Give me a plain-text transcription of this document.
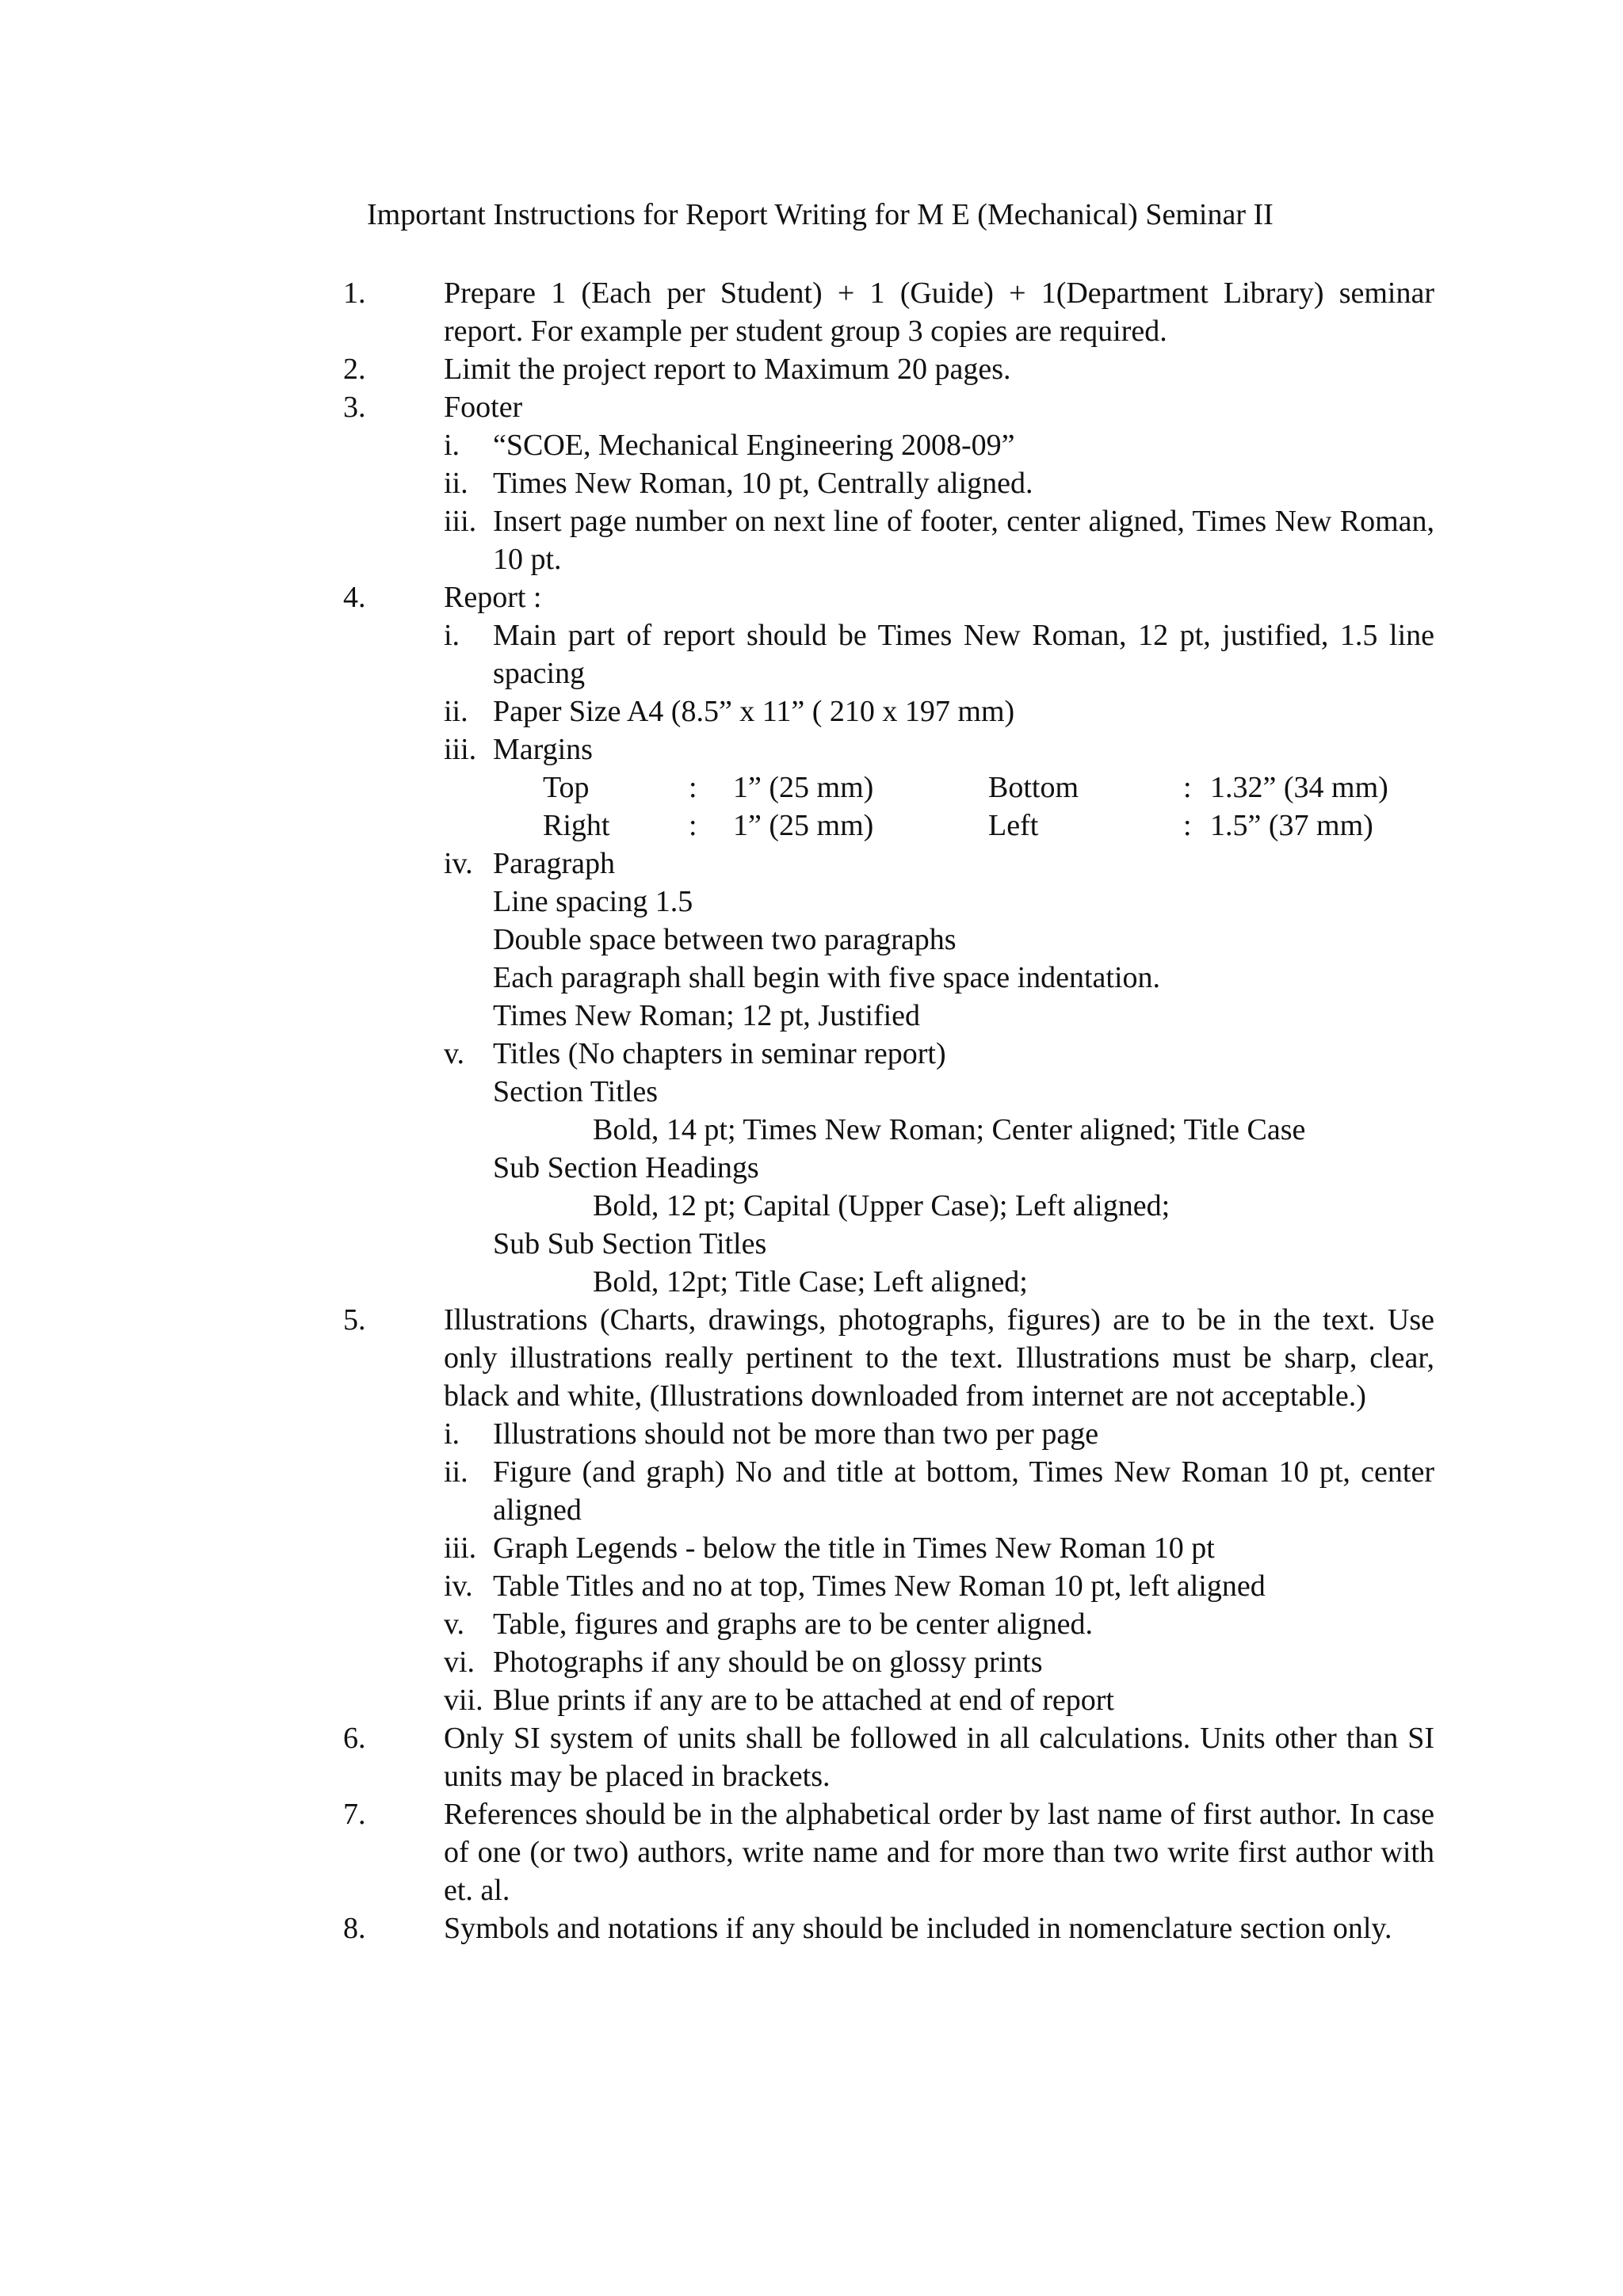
Important Instructions for Report Writing for M E (Mechanical) Seminar II
1.	Prepare 1 (Each per Student) + 1 (Guide) + 1(Department Library) seminar report. For example per student group 3 copies are required.
2.	Limit the project report to Maximum 20 pages.
3.	Footer
i.	“SCOE, Mechanical Engineering 2008-09”
ii. Times New Roman, 10 pt, Centrally aligned.
iii. Insert page number on next line of footer, center aligned, Times New Roman, 10 pt.
4.	Report :
i.	Main part of report should be Times New Roman, 12 pt, justified, 1.5 line spacing
ii. Paper Size A4 (8.5” x 11” ( 210 x 197 mm)
iii. Margins
Top	: 1” (25 mm)	Bottom	: 1.32” (34 mm)
Right	: 1” (25 mm)	Left	: 1.5” (37 mm)
iv. Paragraph
Line spacing 1.5
Double space between two paragraphs
Each paragraph shall begin with five space indentation.
Times New Roman; 12 pt, Justified
v. Titles (No chapters in seminar report)
Section Titles
Bold, 14 pt; Times New Roman; Center aligned; Title Case
Sub Section Headings
Bold, 12 pt; Capital (Upper Case); Left aligned;
Sub Sub Section Titles
Bold, 12pt; Title Case; Left aligned;
5.	Illustrations (Charts, drawings, photographs, figures) are to be in the text. Use only illustrations really pertinent to the text. Illustrations must be sharp, clear, black and white, (Illustrations downloaded from internet are not acceptable.)
i.	Illustrations should not be more than two per page
ii. Figure (and graph) No and title at bottom, Times New Roman 10 pt, center aligned
iii. Graph Legends - below the title in Times New Roman 10 pt
iv. Table Titles and no at top, Times New Roman 10 pt, left aligned
v. Table, figures and graphs are to be center aligned.
vi. Photographs if any should be on glossy prints
vii. Blue prints if any are to be attached at end of report
6.	Only SI system of units shall be followed in all calculations. Units other than SI units may be placed in brackets.
7.	References should be in the alphabetical order by last name of first author. In case of one (or two) authors, write name and for more than two write first author with et. al.
8.	Symbols and notations if any should be included in nomenclature section only.
